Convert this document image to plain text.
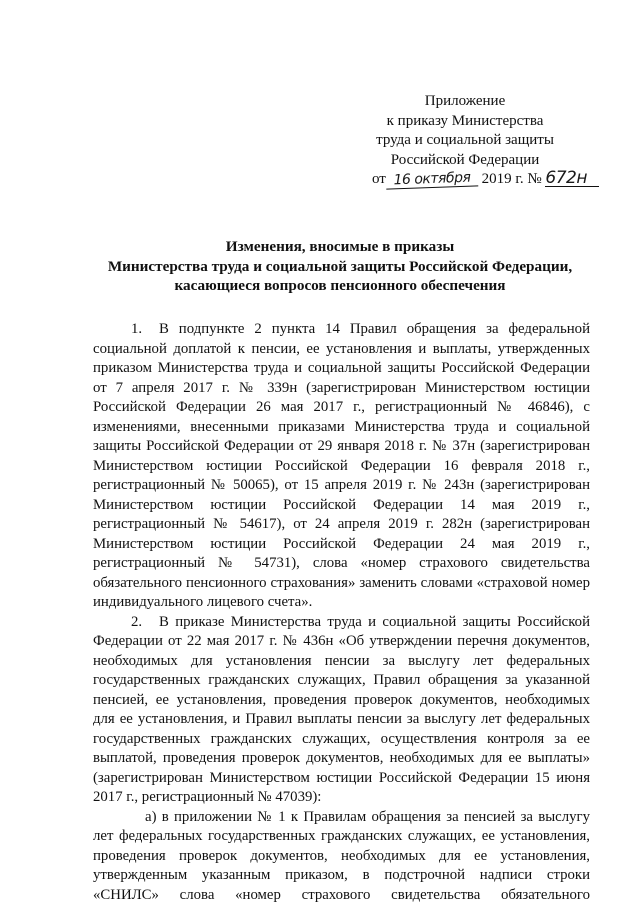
Приложение
к приказу Министерства
труда и социальной защиты
Российской Федерации
от 16 октября 2019 г. № 672н
Изменения, вносимые в приказы
Министерства труда и социальной защиты Российской Федерации,
касающиеся вопросов пенсионного обеспечения

1. В подпункте 2 пункта 14 Правил обращения за федеральной социальной доплатой к пенсии, ее установления и выплаты, утвержденных приказом Министерства труда и социальной защиты Российской Федерации от 7 апреля 2017 г. № 339н (зарегистрирован Министерством юстиции Российской Федерации 26 мая 2017 г., регистрационный № 46846), с изменениями, внесенными приказами Министерства труда и социальной защиты Российской Федерации от 29 января 2018 г. № 37н (зарегистрирован Министерством юстиции Российской Федерации 16 февраля 2018 г., регистрационный № 50065), от 15 апреля 2019 г. № 243н (зарегистрирован Министерством юстиции Российской Федерации 14 мая 2019 г., регистрационный № 54617), от 24 апреля 2019 г. 282н (зарегистрирован Министерством юстиции Российской Федерации 24 мая 2019 г., регистрационный № 54731), слова «номер страхового свидетельства обязательного пенсионного страхования» заменить словами «страховой номер индивидуального лицевого счета».

2. В приказе Министерства труда и социальной защиты Российской Федерации от 22 мая 2017 г. № 436н «Об утверждении перечня документов, необходимых для установления пенсии за выслугу лет федеральных государственных гражданских служащих, Правил обращения за указанной пенсией, ее установления, проведения проверок документов, необходимых для ее установления, и Правил выплаты пенсии за выслугу лет федеральных государственных гражданских служащих, осуществления контроля за ее выплатой, проведения проверок документов, необходимых для ее выплаты» (зарегистрирован Министерством юстиции Российской Федерации 15 июня 2017 г., регистрационный № 47039):

а) в приложении № 1 к Правилам обращения за пенсией за выслугу лет федеральных государственных гражданских служащих, ее установления, проведения проверок документов, необходимых для ее установления, утвержденным указанным приказом, в подстрочной надписи строки «СНИЛС» слова «номер страхового свидетельства обязательного
